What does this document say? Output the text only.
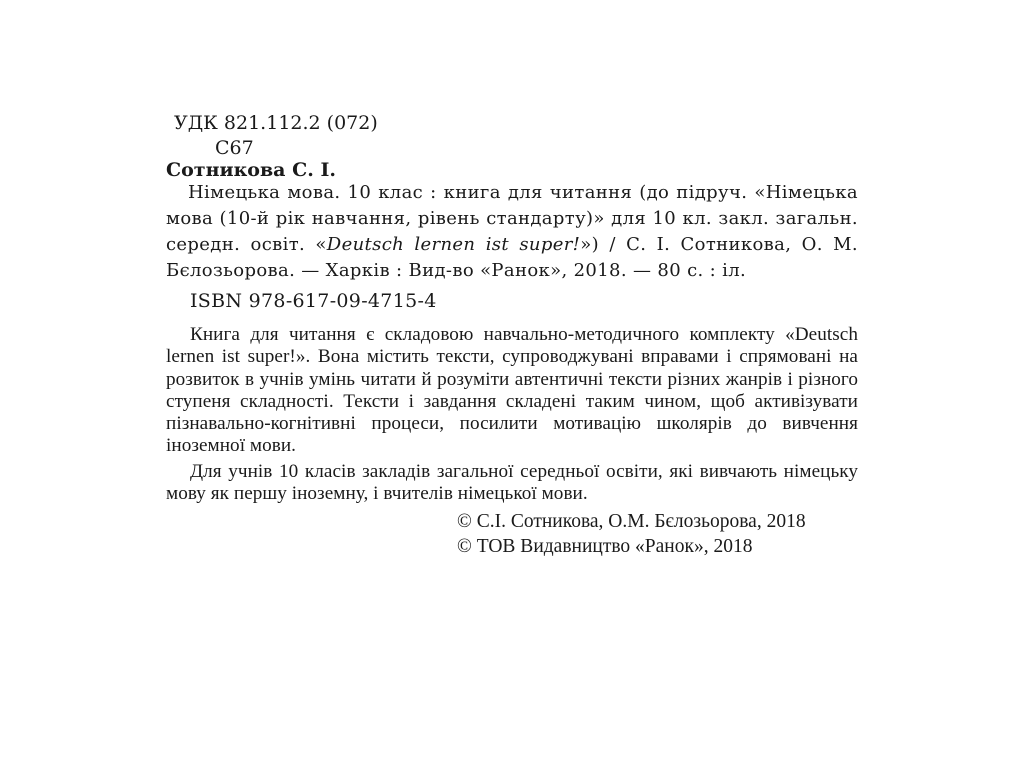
УДК 821.112.2 (072)
С67
Сотникова С. І.
Німецька мова. 10 клас : книга для читання (до підруч. «Німецька мова (10-й рік навчання, рівень стандарту)» для 10 кл. закл. загальн. середн. освіт. «Deutsch lernen ist super!») / С. І. Сотникова, О. М. Бєлозьорова. — Харків : Вид-во «Ранок», 2018. — 80 с. : іл.
ISBN 978-617-09-4715-4
Книга для читання є складовою навчально-методичного комплекту «Deutsch lernen ist super!». Вона містить тексти, супроводжувані вправами і спрямовані на розвиток в учнів умінь читати й розуміти автентичні тексти різних жанрів і різного ступеня складності. Тексти і завдання складені таким чином, щоб активізувати пізнавально-когнітивні процеси, посилити мотивацію школярів до вивчення іноземної мови.
Для учнів 10 класів закладів загальної середньої освіти, які вивчають німецьку мову як першу іноземну, і вчителів німецької мови.
© С.І. Сотникова, О.М. Бєлозьорова, 2018
© ТОВ Видавництво «Ранок», 2018
